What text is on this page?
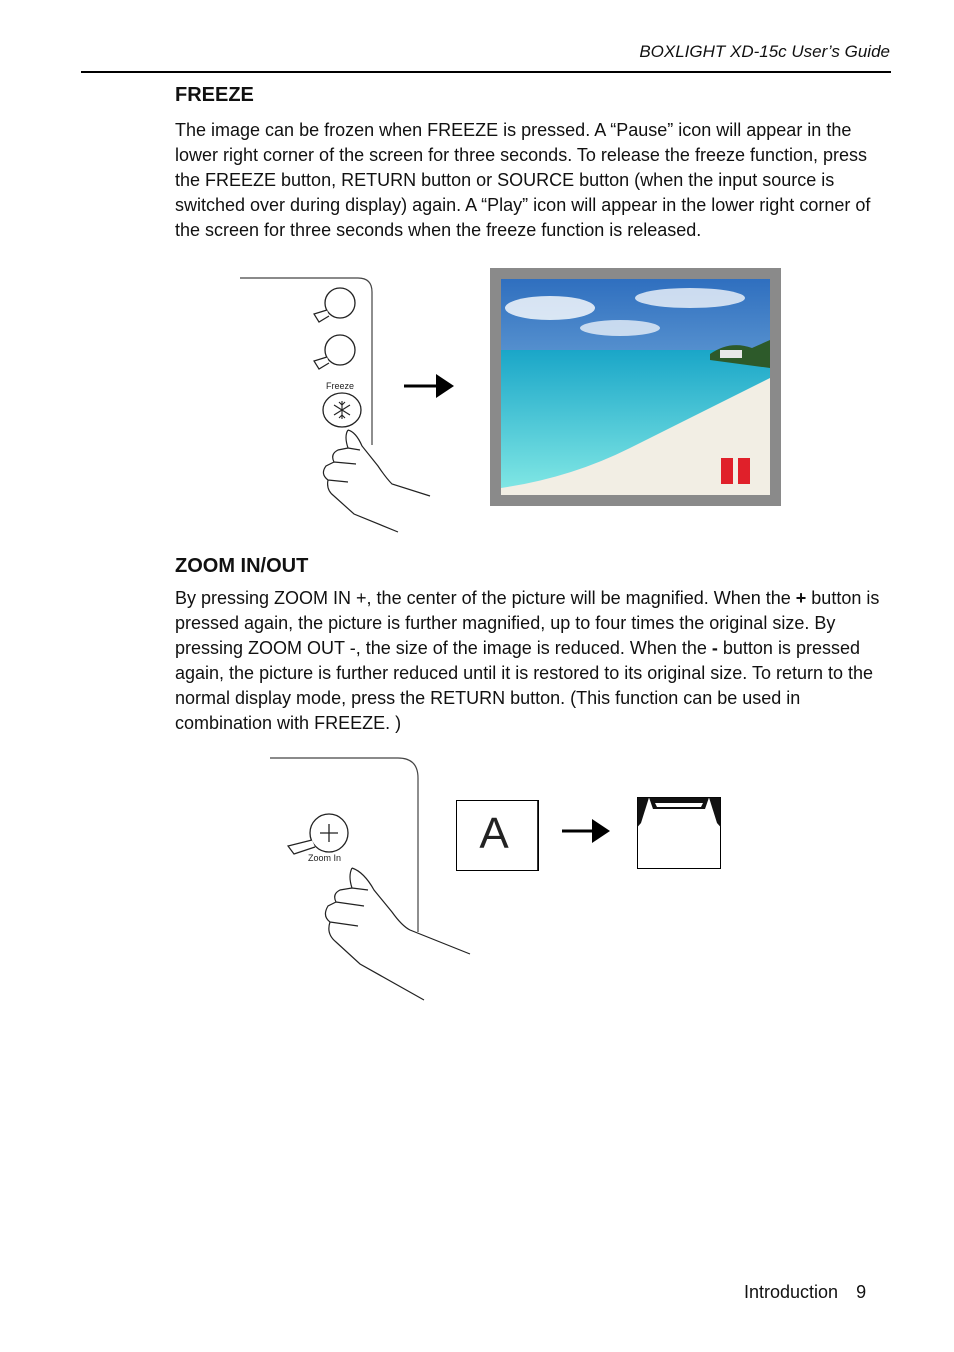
BOXLIGHT XD-15c User’s Guide
FREEZE

The image can be frozen when FREEZE is pressed. A “Pause” icon will appear in the lower right corner of the screen for three seconds. To release the freeze function, press the FREEZE button, RETURN button or SOURCE button (when the input source is switched over during display) again. A “Play” icon will appear in the lower right corner of the screen for three seconds when the freeze function is released.

Freeze
ZOOM IN/OUT

By pressing ZOOM IN +, the center of the picture will be magnified. When the + button is pressed again, the picture is further magnified, up to four times the original size. By pressing ZOOM OUT -, the size of the image is reduced. When the - button is pressed again, the picture is further reduced until it is restored to its original size. To return to the normal display mode, press the RETURN button. (This function can be used in combination with FREEZE. )

Zoom In	A
Introduction 9
